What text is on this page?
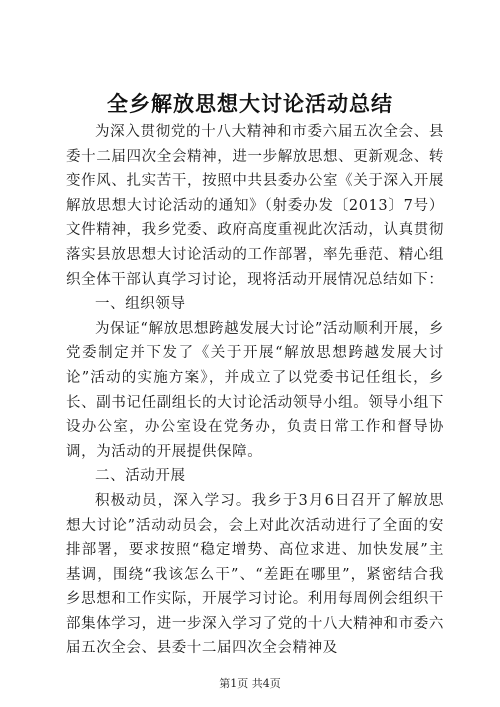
全乡解放思想大讨论活动总结

为深入贯彻党的十八大精神和市委六届五次全会、县委十二届四次全会精神，进一步解放思想、更新观念、转变作风、扎实苦干，按照中共县委办公室《关于深入开展解放思想大讨论活动的通知》（射委办发〔2013〕7号）文件精神，我乡党委、政府高度重视此次活动，认真贯彻落实县放思想大讨论活动的工作部署，率先垂范、精心组织全体干部认真学习讨论，现将活动开展情况总结如下：

一、组织领导

为保证“解放思想跨越发展大讨论”活动顺利开展，乡党委制定并下发了《关于开展“解放思想跨越发展大讨论”活动的实施方案》，并成立了以党委书记任组长，乡长、副书记任副组长的大讨论活动领导小组。领导小组下设办公室，办公室设在党务办，负责日常工作和督导协调，为活动的开展提供保障。

二、活动开展

积极动员，深入学习。我乡于3月6日召开了解放思想大讨论”活动动员会，会上对此次活动进行了全面的安排部署，要求按照“稳定增势、高位求进、加快发展”主基调，围绕“我该怎么干”、“差距在哪里”，紧密结合我乡思想和工作实际，开展学习讨论。利用每周例会组织干部集体学习，进一步深入学习了党的十八大精神和市委六届五次全会、县委十二届四次全会精神及

第1页 共4页
